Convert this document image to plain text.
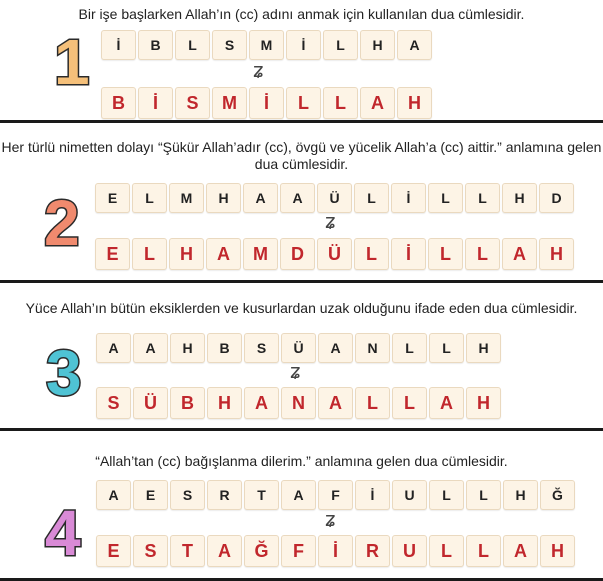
Bir işe başlarken Allah’ın (cc) adını anmak için kullanılan dua cümlesidir.
1	İ	B	L	S	M	İ	L	H	A
ʑ
B	İ	S	M	İ	L	L	A	H
Her türlü nimetten dolayı “Şükür Allah’adır (cc), övgü ve yücelik Allah’a (cc) aittir.” anlamına gelen dua cümlesidir.
2	E	L	M	H	A	A	Ü	L	İ	L	L	H	D
ʑ
E	L	H	A	M	D	Ü	L	İ	L	L	A	H
Yüce Allah’ın bütün eksiklerden ve kusurlardan uzak olduğunu ifade eden dua cümlesidir.
3	A	A	H	B	S	Ü	A	N	L	L	H
ʑ
S	Ü	B	H	A	N	A	L	L	A	H
“Allah’tan (cc) bağışlanma dilerim.” anlamına gelen dua cümlesidir.
4
A	E	S	R	T	A	F	İ	U	L	L	H	Ğ
ʑ
E	S	T	A	Ğ	F	İ	R	U	L	L	A	H
